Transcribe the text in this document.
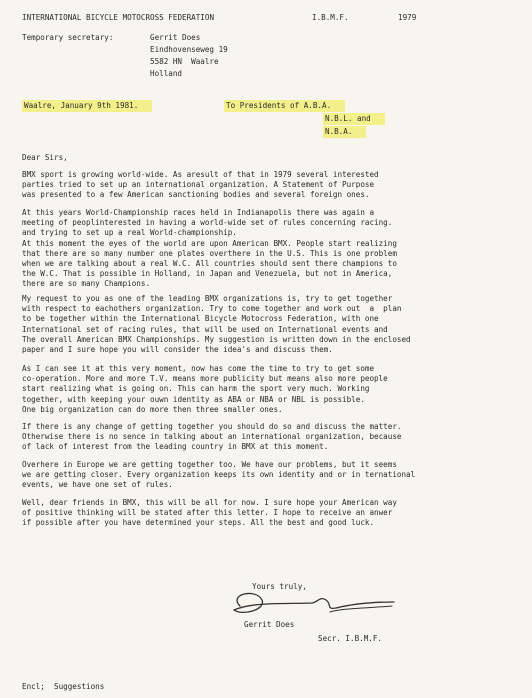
INTERNATIONAL BICYCLE MOTOCROSS FEDERATION	I.B.M.F.	1979
Temporary secretary:	Gerrit Does
Eindhovenseweg 19
5582 HN  Waalre
Holland
Waalre, January 9th 1981.	To Presidents of A.B.A.
N.B.L. and
N.B.A.
Dear Sirs,
BMX sport is growing world-wide. As aresult of that in 1979 several interested
parties tried to set up an international organization. A Statement of Purpose
was presented to a few American sanctioning bodies and several foreign ones.
At this years World-Championship races held in Indianapolis there was again a
meeting of peoplinterested in having a world-wide set of rules concerning racing.
and trying to set up a real World-championship.
At this moment the eyes of the world are upon American BMX. People start realizing
that there are so many number one plates overthere in the U.S. This is one problem
when we are talking about a real W.C. All countries should sent there champions to
the W.C. That is possible in Holland, in Japan and Venezuela, but not in America,
there are so many Champions.
My request to you as one of the leading BMX organizations is, try to get together
with respect to eachothers organization. Try to come together and work out  a  plan
to be together within the International Bicycle Motocross Federation, with one
International set of racing rules, that will be used on International events and
The overall American BMX Championships. My suggestion is written down in the enclosed
paper and I sure hope you will consider the idea's and discuss them.
As I can see it at this very moment, now has come the time to try to get some
co-operation. More and more T.V. means more publicity but means also more people
start realizing what is going on. This can harm the sport very much. Working
together, with keeping your ouwn identity as ABA or NBA or NBL is possible.
One big organization can do more then three smaller ones.
If there is any change of getting together you should do so and discuss the matter.
Otherwise there is no sence in talking about an international organization, because
of lack of interest from the leading country in BMX at this moment.
Overhere in Europe we are getting together too. We have our problems, but it seems
we are getting closer. Every organization keeps its own identity and or in ternational
events, we have one set of rules.
Well, dear friends in BMX, this will be all for now. I sure hope your American way
of positive thinking will be stated after this letter. I hope to receive an anwer
if possible after you have determined your steps. All the best and good luck.
Yours truly,
Gerrit Does
Secr. I.B.M.F.
Encl;  Suggestions
